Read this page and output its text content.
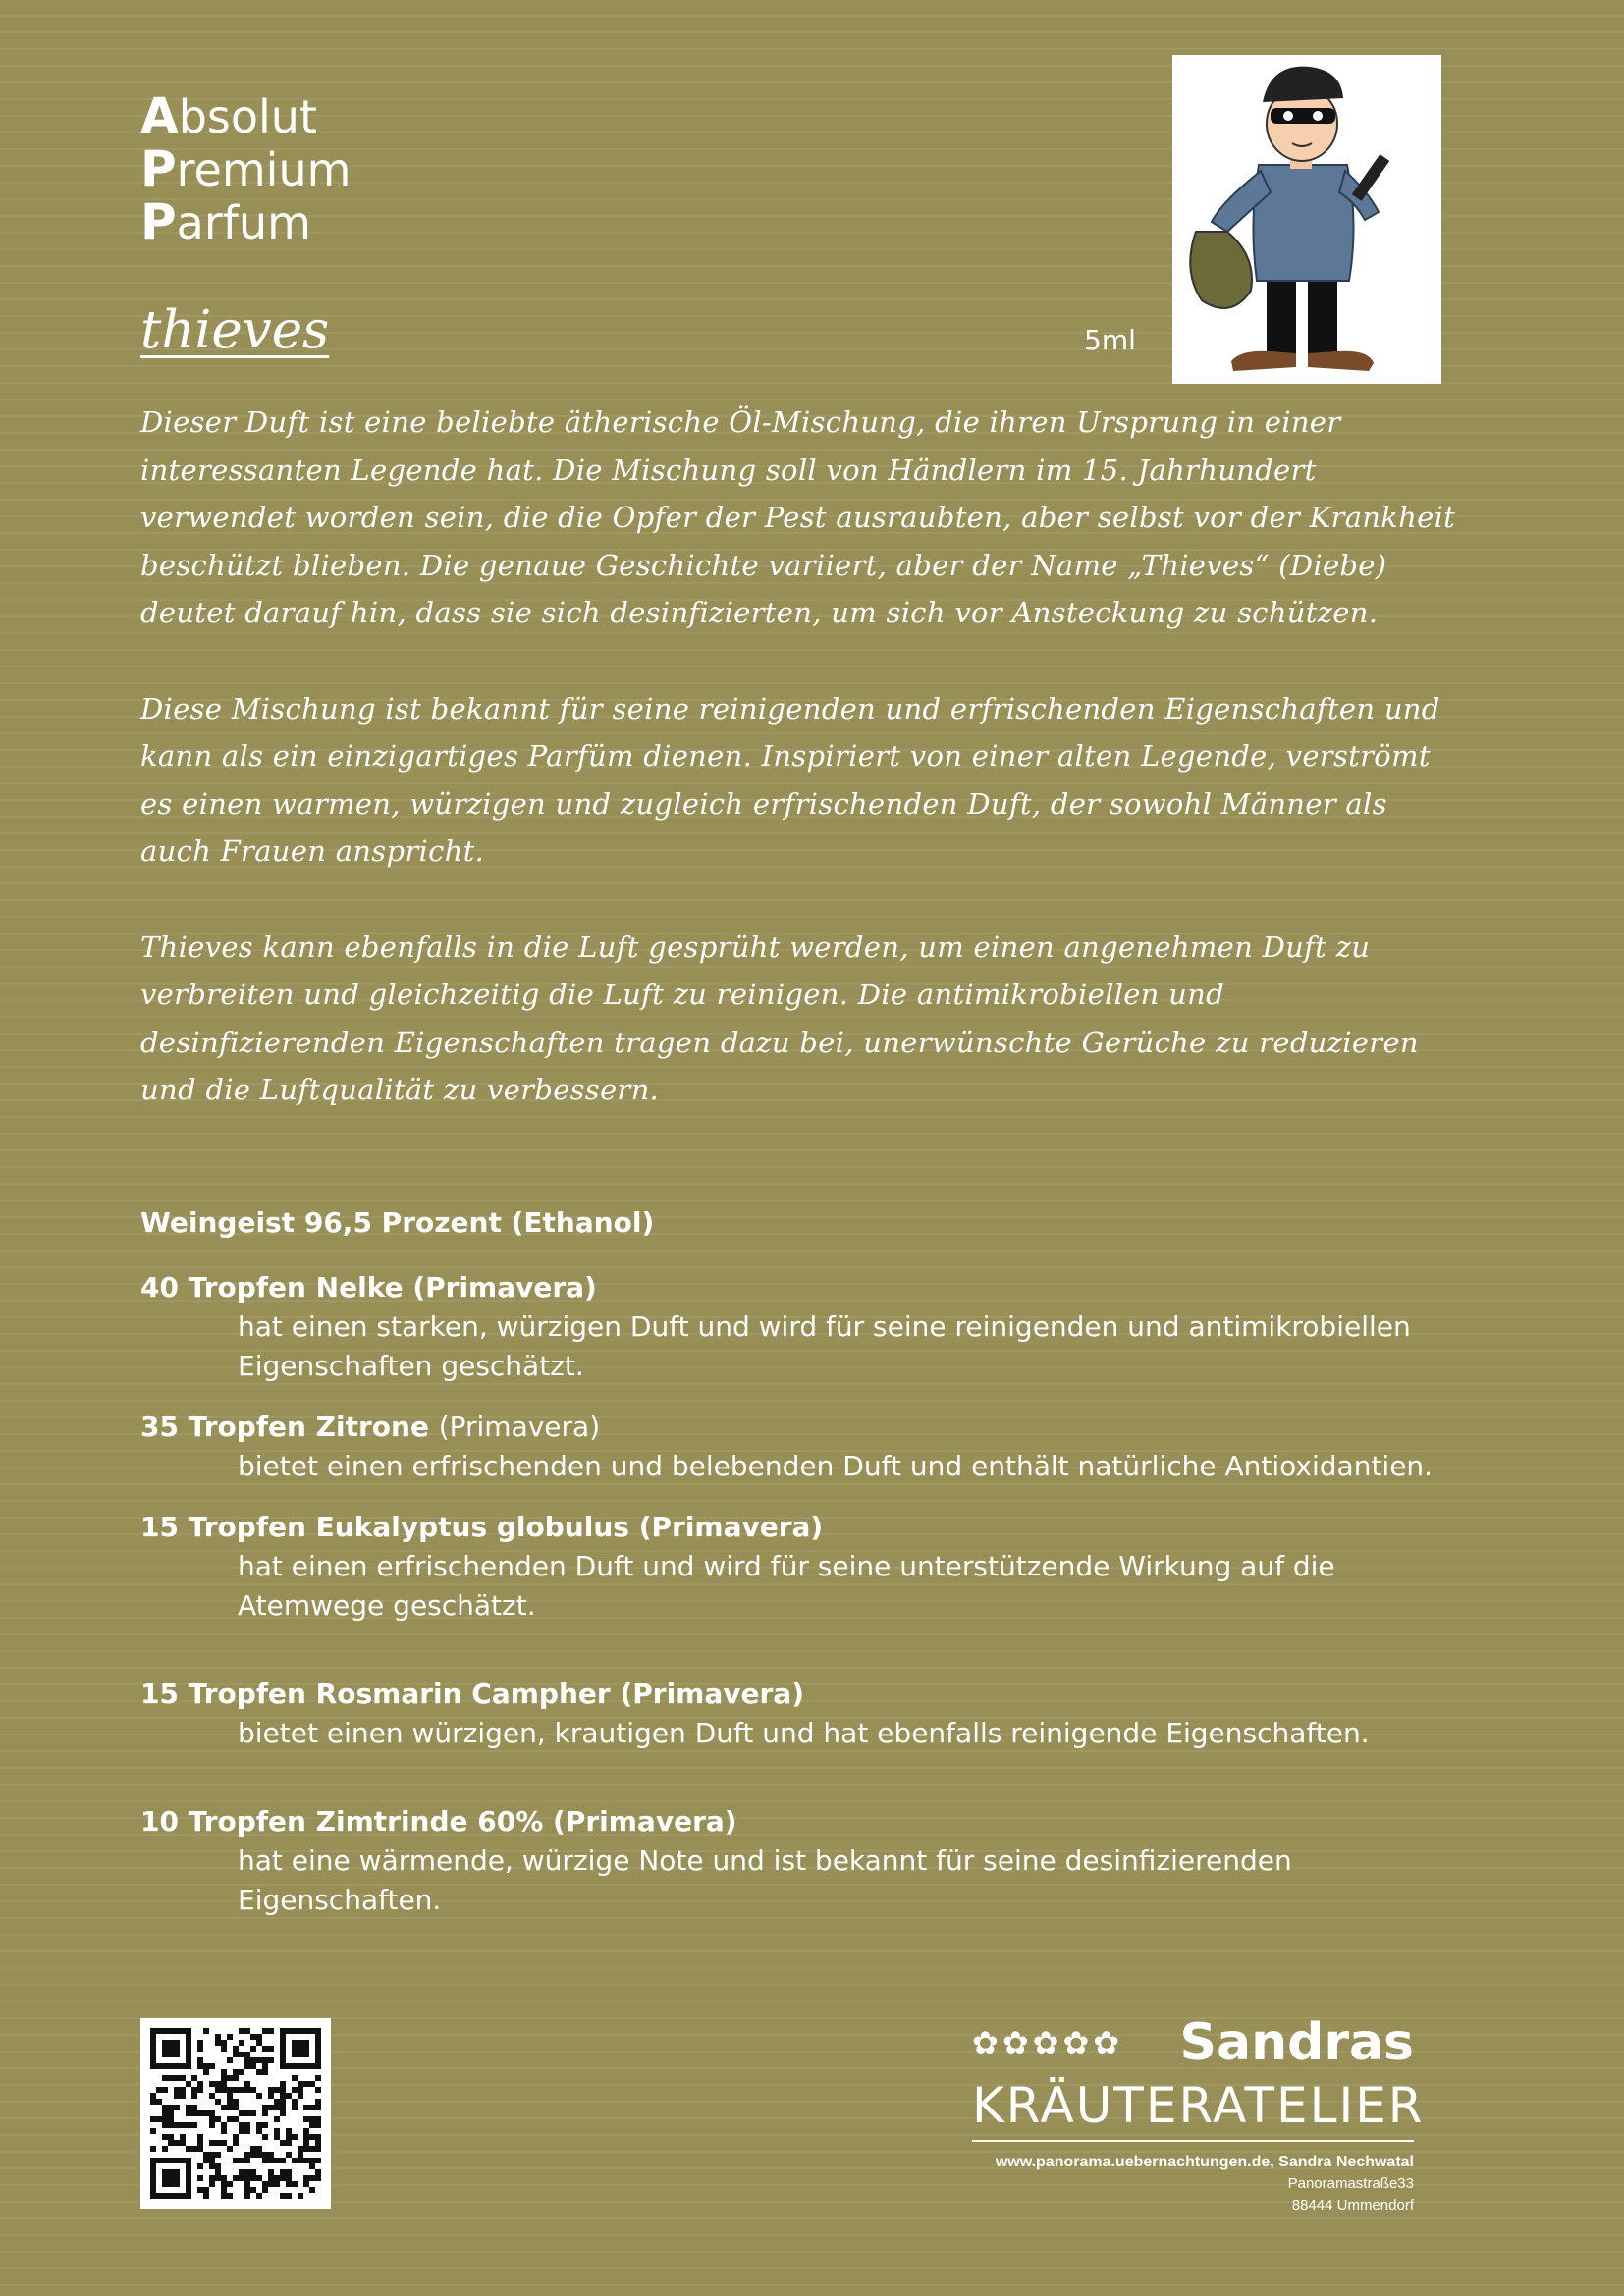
Absolut
Premium
Parfum
thieves	5ml

Dieser Duft ist eine beliebte ätherische Öl-Mischung, die ihren Ursprung in einer interessanten Legende hat. Die Mischung soll von Händlern im 15. Jahrhundert verwendet worden sein, die die Opfer der Pest ausraubten, aber selbst vor der Krankheit beschützt blieben. Die genaue Geschichte variiert, aber der Name „Thieves“ (Diebe) deutet darauf hin, dass sie sich desinfizierten, um sich vor Ansteckung zu schützen.

Diese Mischung ist bekannt für seine reinigenden und erfrischenden Eigenschaften und kann als ein einzigartiges Parfüm dienen. Inspiriert von einer alten Legende, verströmt es einen warmen, würzigen und zugleich erfrischenden Duft, der sowohl Männer als auch Frauen anspricht.

Thieves kann ebenfalls in die Luft gesprüht werden, um einen angenehmen Duft zu verbreiten und gleichzeitig die Luft zu reinigen. Die antimikrobiellen und desinfizierenden Eigenschaften tragen dazu bei, unerwünschte Gerüche zu reduzieren und die Luftqualität zu verbessern.

Weingeist 96,5 Prozent (Ethanol)
40 Tropfen Nelke (Primavera)
hat einen starken, würzigen Duft und wird für seine reinigenden und antimikrobiellen Eigenschaften geschätzt.
35 Tropfen Zitrone (Primavera)
bietet einen erfrischenden und belebenden Duft und enthält natürliche Antioxidantien.
15 Tropfen Eukalyptus globulus (Primavera)
hat einen erfrischenden Duft und wird für seine unterstützende Wirkung auf die Atemwege geschätzt.
15 Tropfen Rosmarin Campher (Primavera)
bietet einen würzigen, krautigen Duft und hat ebenfalls reinigende Eigenschaften.
10 Tropfen Zimtrinde 60% (Primavera)
hat eine wärmende, würzige Note und ist bekannt für seine desinfizierenden Eigenschaften.
✿✿✿✿✿ Sandras
KRÄUTERATELIER
www.panorama.uebernachtungen.de, Sandra Nechwatal
Panoramastraße33
88444 Ummendorf
